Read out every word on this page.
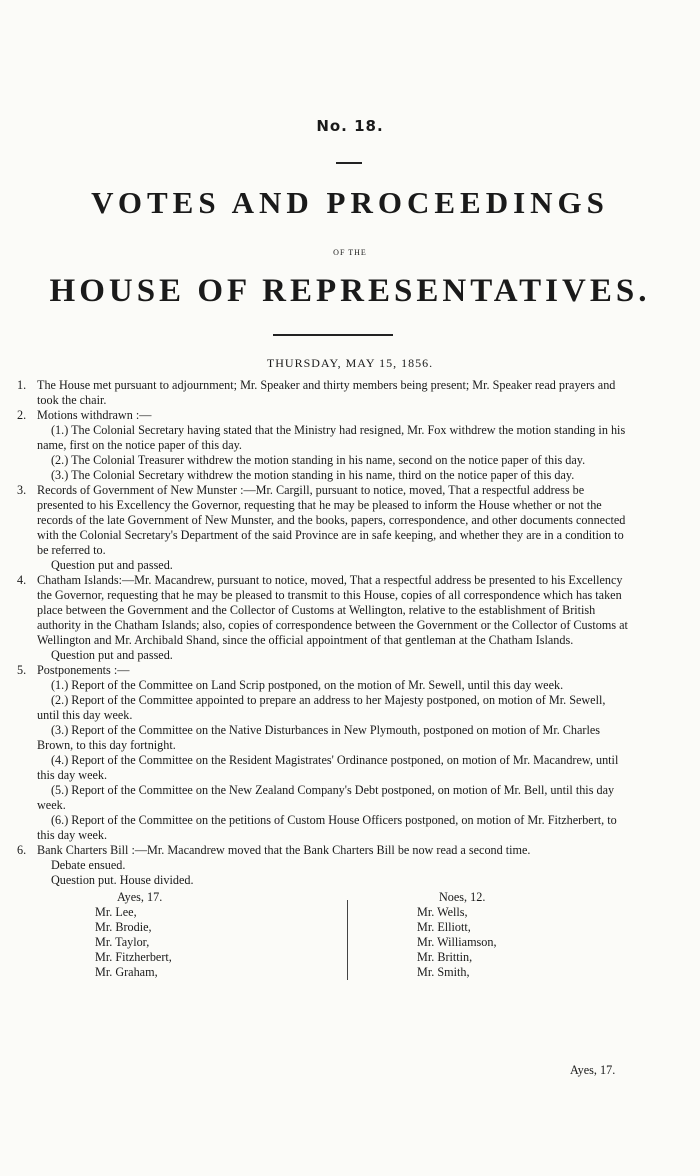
No. 18.
VOTES AND PROCEEDINGS
OF THE
HOUSE OF REPRESENTATIVES.
THURSDAY, MAY 15, 1856.
1. The House met pursuant to adjournment; Mr. Speaker and thirty members being present; Mr. Speaker read prayers and took the chair.

2. Motions withdrawn :—

(1.) The Colonial Secretary having stated that the Ministry had resigned, Mr. Fox withdrew the motion standing in his name, first on the notice paper of this day.

(2.) The Colonial Treasurer withdrew the motion standing in his name, second on the notice paper of this day.

(3.) The Colonial Secretary withdrew the motion standing in his name, third on the notice paper of this day.

3. Records of Government of New Munster :—Mr. Cargill, pursuant to notice, moved, That a respectful address be presented to his Excellency the Governor, requesting that he may be pleased to inform the House whether or not the records of the late Government of New Munster, and the books, papers, correspondence, and other documents connected with the Colonial Secretary's Department of the said Province are in safe keeping, and whether they are in a condition to be referred to.

Question put and passed.

4. Chatham Islands:—Mr. Macandrew, pursuant to notice, moved, That a respectful address be presented to his Excellency the Governor, requesting that he may be pleased to transmit to this House, copies of all correspondence which has taken place between the Government and the Collector of Customs at Wellington, relative to the establishment of British authority in the Chatham Islands; also, copies of correspondence between the Government or the Collector of Customs at Wellington and Mr. Archibald Shand, since the official appointment of that gentleman at the Chatham Islands.

Question put and passed.

5. Postponements :—

(1.) Report of the Committee on Land Scrip postponed, on the motion of Mr. Sewell, until this day week.

(2.) Report of the Committee appointed to prepare an address to her Majesty postponed, on motion of Mr. Sewell, until this day week.

(3.) Report of the Committee on the Native Disturbances in New Plymouth, postponed on motion of Mr. Charles Brown, to this day fortnight.

(4.) Report of the Committee on the Resident Magistrates' Ordinance postponed, on motion of Mr. Macandrew, until this day week.

(5.) Report of the Committee on the New Zealand Company's Debt postponed, on motion of Mr. Bell, until this day week.

(6.) Report of the Committee on the petitions of Custom House Officers postponed, on motion of Mr. Fitzherbert, to this day week.

6. Bank Charters Bill :—Mr. Macandrew moved that the Bank Charters Bill be now read a second time.

Debate ensued.

Question put. House divided.

Ayes, 17.
Mr. Lee,
Mr. Brodie,
Mr. Taylor,
Mr. Fitzherbert,
Mr. Graham,
Noes, 12.
Mr. Wells,
Mr. Elliott,
Mr. Williamson,
Mr. Brittin,
Mr. Smith,
Ayes, 17.
